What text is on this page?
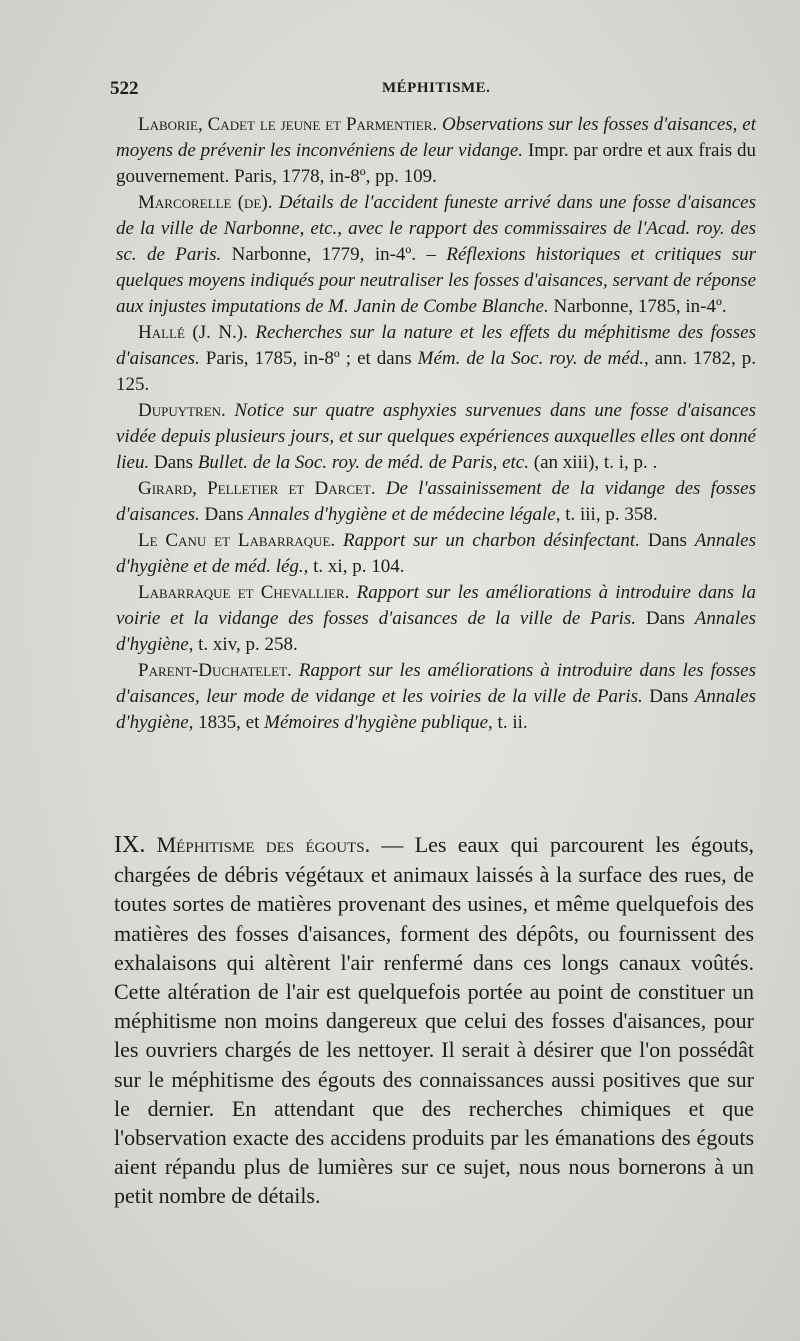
522	MÉPHITISME.

Laborie, Cadet le jeune et Parmentier. Observations sur les fosses d'aisances, et moyens de prévenir les inconvéniens de leur vidange. Impr. par ordre et aux frais du gouvernement. Paris, 1778, in-8º, pp. 109.

Marcorelle (de). Détails de l'accident funeste arrivé dans une fosse d'aisances de la ville de Narbonne, etc., avec le rapport des commissaires de l'Acad. roy. des sc. de Paris. Narbonne, 1779, in-4º. – Réflexions historiques et critiques sur quelques moyens indiqués pour neutraliser les fosses d'aisances, servant de réponse aux injustes imputations de M. Janin de Combe Blanche. Narbonne, 1785, in-4º.

Hallé (J. N.). Recherches sur la nature et les effets du méphitisme des fosses d'aisances. Paris, 1785, in-8º ; et dans Mém. de la Soc. roy. de méd., ann. 1782, p. 125.

Dupuytren. Notice sur quatre asphyxies survenues dans une fosse d'aisances vidée depuis plusieurs jours, et sur quelques expériences auxquelles elles ont donné lieu. Dans Bullet. de la Soc. roy. de méd. de Paris, etc. (an xiii), t. i, p. .

Girard, Pelletier et Darcet. De l'assainissement de la vidange des fosses d'aisances. Dans Annales d'hygiène et de médecine légale, t. iii, p. 358.

Le Canu et Labarraque. Rapport sur un charbon désinfectant. Dans Annales d'hygiène et de méd. lég., t. xi, p. 104.

Labarraque et Chevallier. Rapport sur les améliorations à introduire dans la voirie et la vidange des fosses d'aisances de la ville de Paris. Dans Annales d'hygiène, t. xiv, p. 258.

Parent-Duchatelet. Rapport sur les améliorations à introduire dans les fosses d'aisances, leur mode de vidange et les voiries de la ville de Paris. Dans Annales d'hygiène, 1835, et Mémoires d'hygiène publique, t. ii.

IX. Méphitisme des égouts. — Les eaux qui parcourent les égouts, chargées de débris végétaux et animaux laissés à la surface des rues, de toutes sortes de matières provenant des usines, et même quelquefois des matières des fosses d'aisances, forment des dépôts, ou fournissent des exhalaisons qui altèrent l'air renfermé dans ces longs canaux voûtés. Cette altération de l'air est quelquefois portée au point de constituer un méphitisme non moins dangereux que celui des fosses d'aisances, pour les ouvriers chargés de les nettoyer. Il serait à désirer que l'on possédât sur le méphitisme des égouts des connaissances aussi positives que sur le dernier. En attendant que des recherches chimiques et que l'observation exacte des accidens produits par les émanations des égouts aient répandu plus de lumières sur ce sujet, nous nous bornerons à un petit nombre de détails.
